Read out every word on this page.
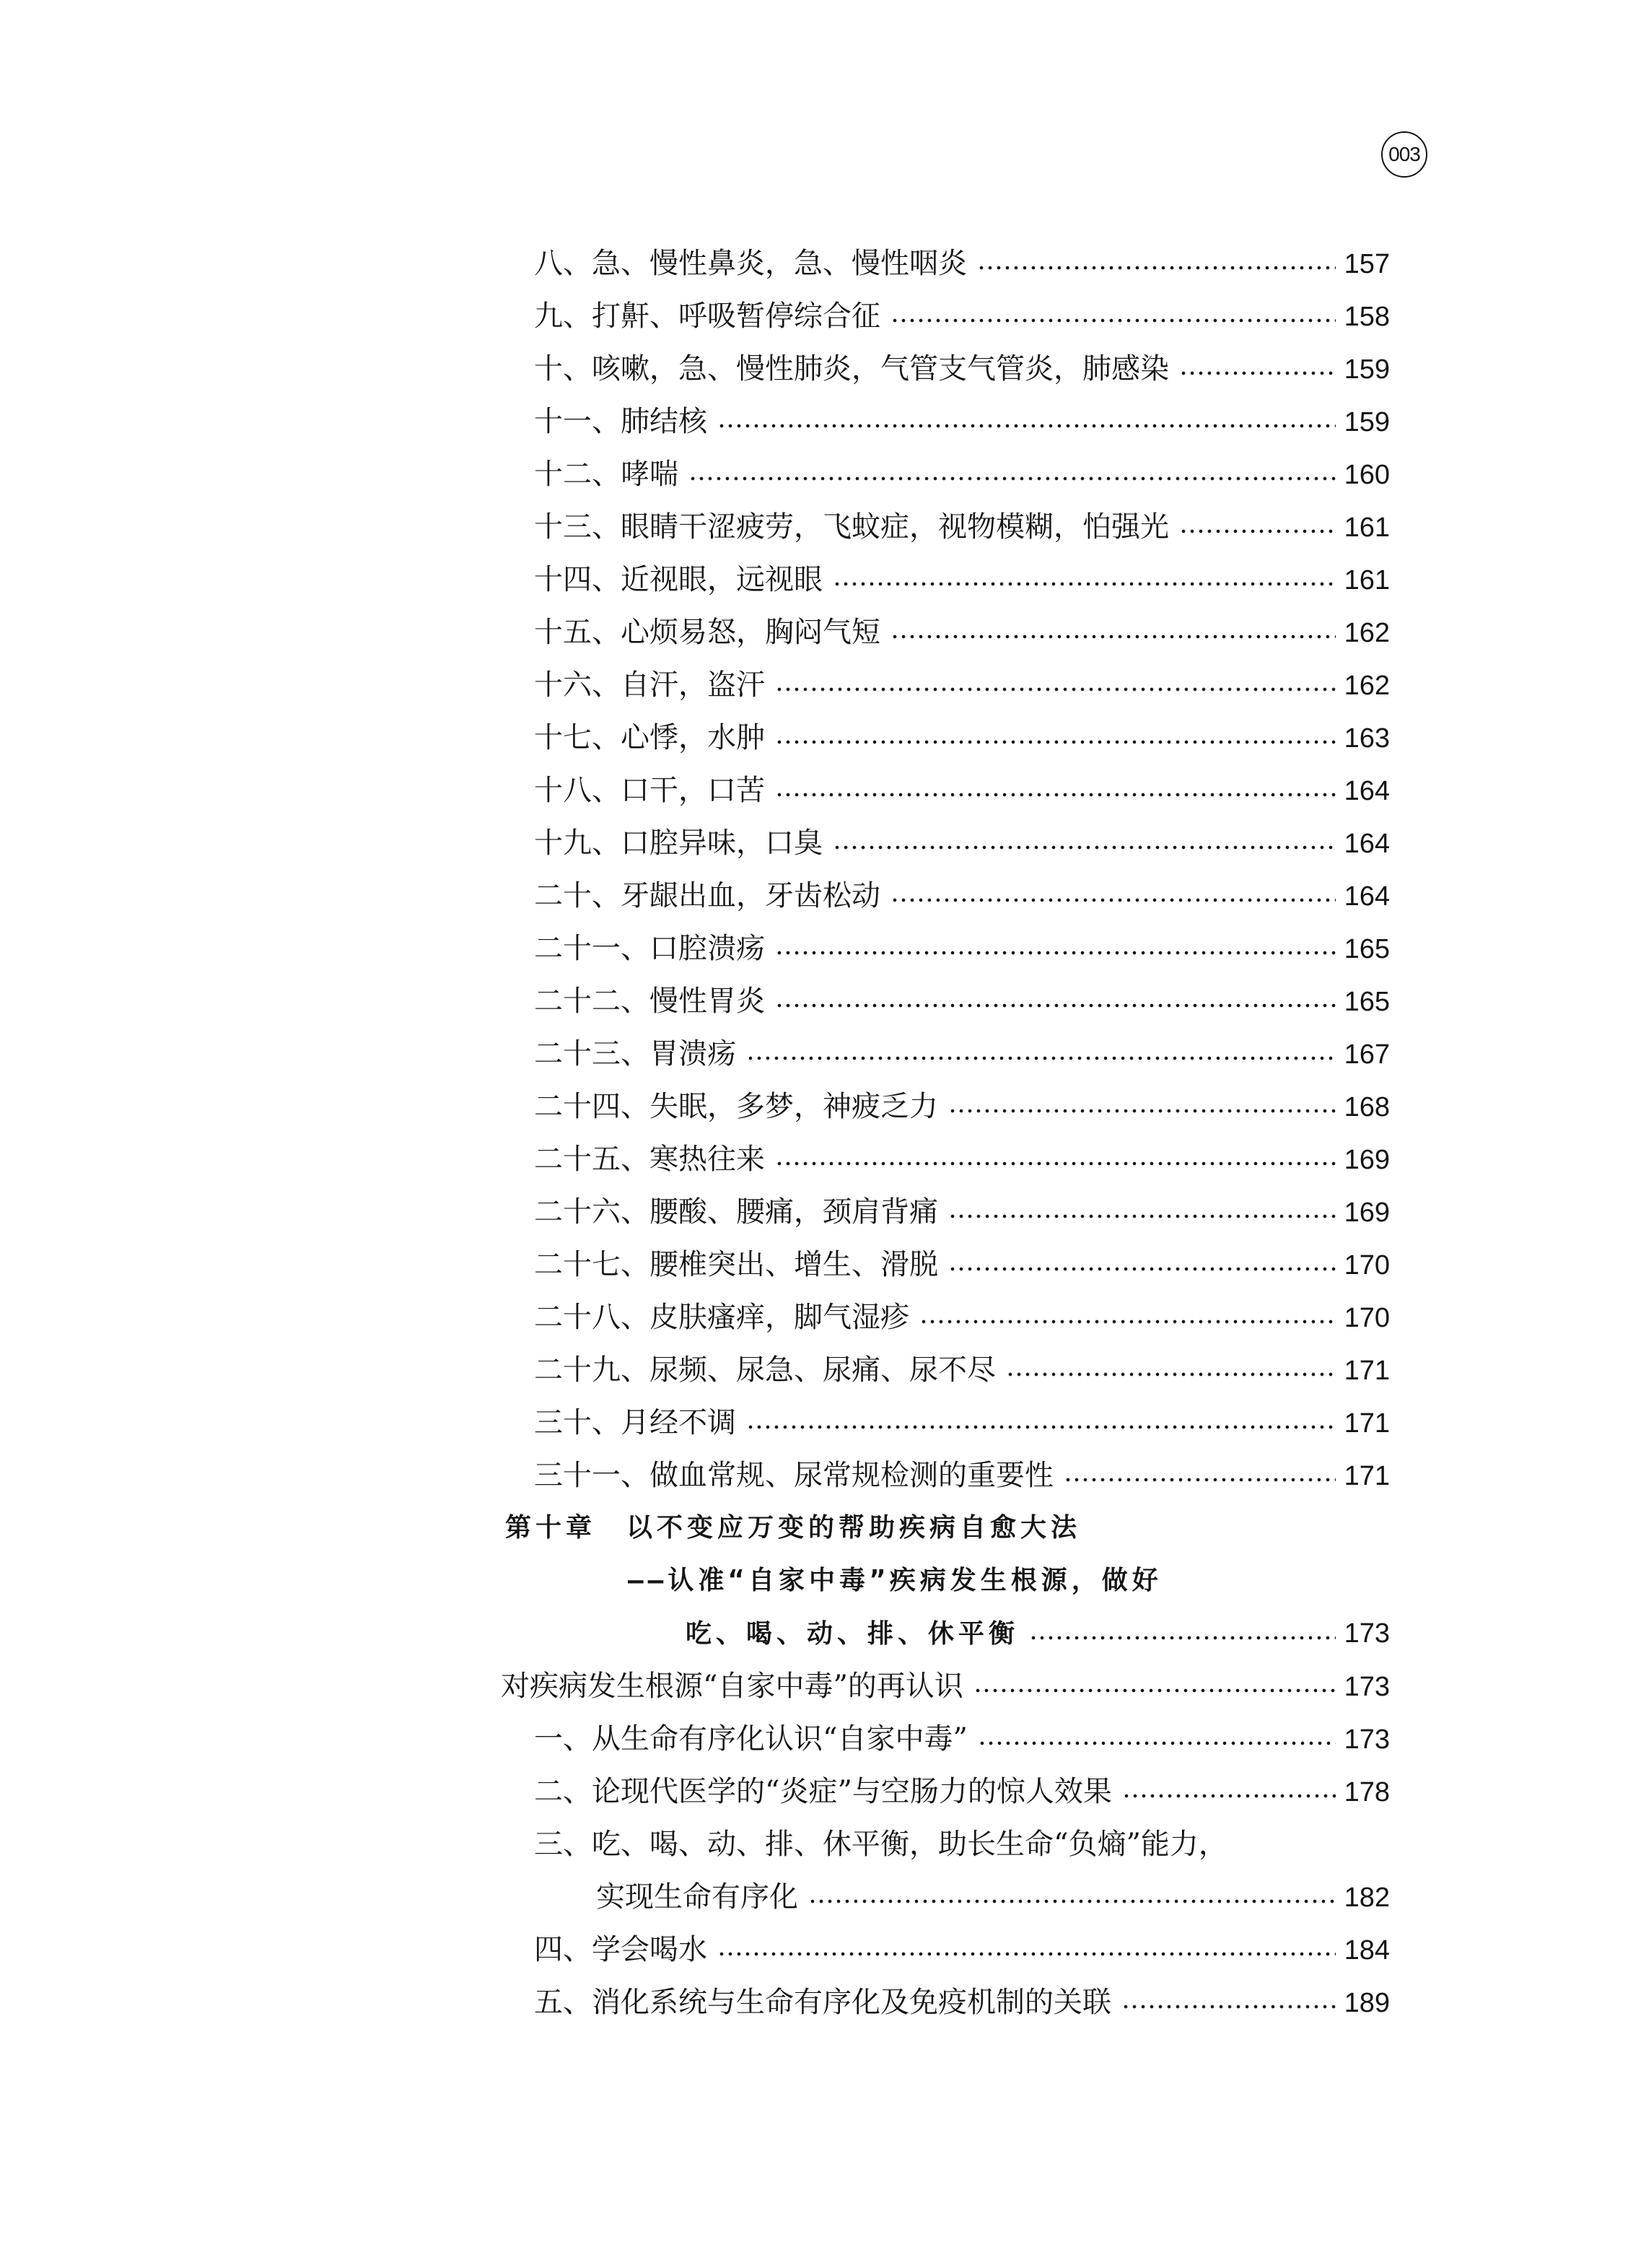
003
八、急、慢性鼻炎，急、慢性咽炎	157
九、打鼾、呼吸暂停综合征	158
十、咳嗽，急、慢性肺炎，气管支气管炎，肺感染	159
十一、肺结核	159
十二、哮喘	160
十三、眼睛干涩疲劳，飞蚊症，视物模糊，怕强光	161
十四、近视眼，远视眼	161
十五、心烦易怒，胸闷气短	162
十六、自汗，盗汗	162
十七、心悸，水肿	163
十八、口干，口苦	164
十九、口腔异味，口臭	164
二十、牙龈出血，牙齿松动	164
二十一、口腔溃疡	165
二十二、慢性胃炎	165
二十三、胃溃疡	167
二十四、失眠，多梦，神疲乏力	168
二十五、寒热往来	169
二十六、腰酸、腰痛，颈肩背痛	169
二十七、腰椎突出、增生、滑脱	170
二十八、皮肤瘙痒，脚气湿疹	170
二十九、尿频、尿急、尿痛、尿不尽	171
三十、月经不调	171
三十一、做血常规、尿常规检测的重要性	171
第十章　以不变应万变的帮助疾病自愈大法
——认准“自家中毒”疾病发生根源，做好
吃、喝、动、排、休平衡	173
对疾病发生根源“自家中毒”的再认识	173
一、从生命有序化认识“自家中毒”	173
二、论现代医学的“炎症”与空肠力的惊人效果	178
三、吃、喝、动、排、休平衡，助长生命“负熵”能力，
实现生命有序化	182
四、学会喝水	184
五、消化系统与生命有序化及免疫机制的关联	189
